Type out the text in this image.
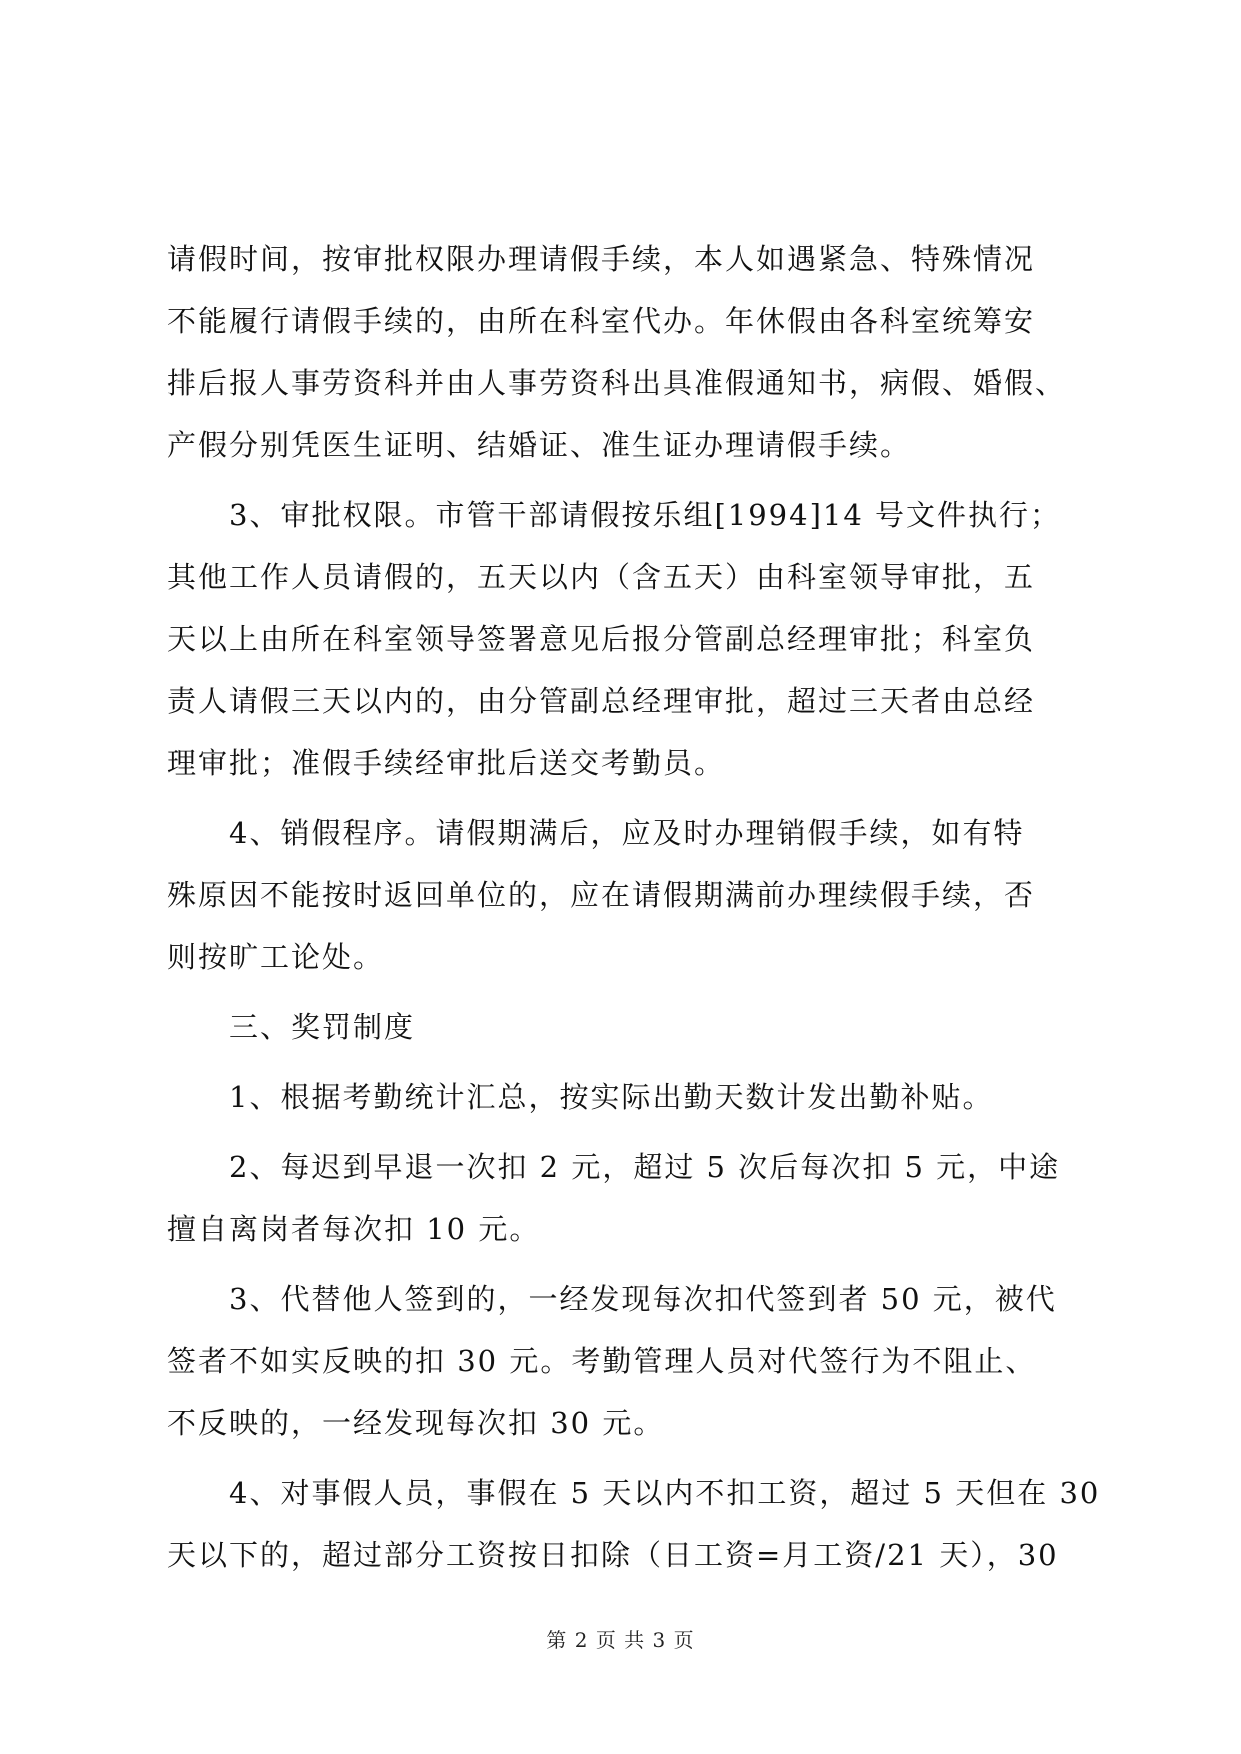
请假时间，按审批权限办理请假手续，本人如遇紧急、特殊情况
不能履行请假手续的，由所在科室代办。年休假由各科室统筹安
排后报人事劳资科并由人事劳资科出具准假通知书，病假、婚假、
产假分别凭医生证明、结婚证、准生证办理请假手续。
3、审批权限。市管干部请假按乐组[1994]14 号文件执行；
其他工作人员请假的，五天以内（含五天）由科室领导审批，五
天以上由所在科室领导签署意见后报分管副总经理审批；科室负
责人请假三天以内的，由分管副总经理审批，超过三天者由总经
理审批；准假手续经审批后送交考勤员。
4、销假程序。请假期满后，应及时办理销假手续，如有特
殊原因不能按时返回单位的，应在请假期满前办理续假手续，否
则按旷工论处。
三、奖罚制度
1、根据考勤统计汇总，按实际出勤天数计发出勤补贴。
2、每迟到早退一次扣 2 元，超过 5 次后每次扣 5 元，中途
擅自离岗者每次扣 10 元。
3、代替他人签到的，一经发现每次扣代签到者 50 元，被代
签者不如实反映的扣 30 元。考勤管理人员对代签行为不阻止、
不反映的，一经发现每次扣 30 元。
4、对事假人员，事假在 5 天以内不扣工资，超过 5 天但在 30
天以下的，超过部分工资按日扣除（日工资=月工资/21 天），30
第 2 页 共 3 页
